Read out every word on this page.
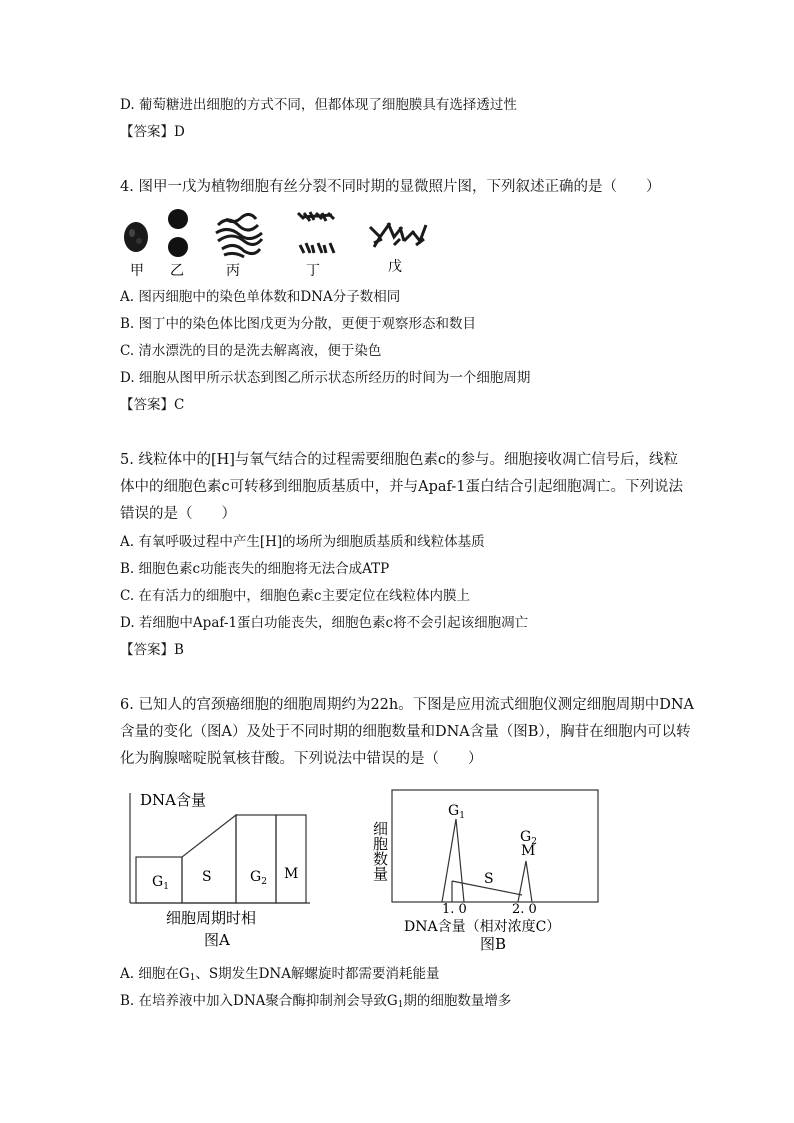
D. 葡萄糖进出细胞的方式不同，但都体现了细胞膜具有选择透过性
【答案】D
4. 图甲一戊为植物细胞有丝分裂不同时期的显微照片图，下列叙述正确的是（　　）
甲 乙	丙	丁	戊
A. 图丙细胞中的染色单体数和DNA分子数相同
B. 图丁中的染色体比图戊更为分散，更便于观察形态和数目
C. 清水漂洗的目的是洗去解离液，便于染色
D. 细胞从图甲所示状态到图乙所示状态所经历的时间为一个细胞周期
【答案】C
5. 线粒体中的[H]与氧气结合的过程需要细胞色素c的参与。细胞接收凋亡信号后，线粒
体中的细胞色素c可转移到细胞质基质中，并与Apaf-1蛋白结合引起细胞凋亡。下列说法
错误的是（　　）
A. 有氧呼吸过程中产生[H]的场所为细胞质基质和线粒体基质
B. 细胞色素c功能丧失的细胞将无法合成ATP
C. 在有活力的细胞中，细胞色素c主要定位在线粒体内膜上
D. 若细胞中Apaf-1蛋白功能丧失，细胞色素c将不会引起该细胞凋亡
【答案】B
6. 已知人的宫颈癌细胞的细胞周期约为22h。下图是应用流式细胞仪测定细胞周期中DNA
含量的变化（图A）及处于不同时期的细胞数量和DNA含量（图B），胸苷在细胞内可以转
化为胸腺嘧啶脱氧核苷酸。下列说法中错误的是（　　）
DNA含量
$G_1$
S	$G_2$ M
细胞周期时相
图A
细胞数量
$G_1$
$G_2$
M
S
1. 0	2. 0
DNA含量（相对浓度C）
图B
A. 细胞在$G_1$、S期发生DNA解螺旋时都需要消耗能量
B. 在培养液中加入DNA聚合酶抑制剂会导致$G_1$期的细胞数量增多
